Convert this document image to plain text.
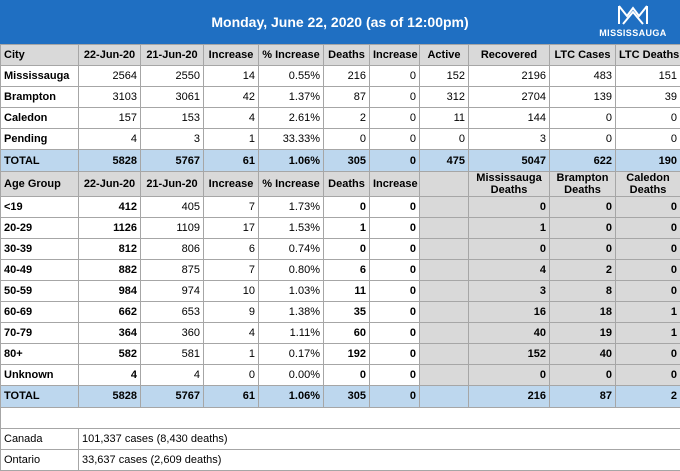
Monday, June 22, 2020 (as of 12:00pm)
MISSISSAUGA
City	22-Jun-20	21-Jun-20	Increase	% Increase	Deaths	Increase	Active	Recovered	LTC Cases	LTC Deaths
Mississauga	2564	2550	14	0.55%	216	0	152	2196	483	151
Brampton	3103	3061	42	1.37%	87	0	312	2704	139	39
Caledon	157	153	4	2.61%	2	0	11	144	0	0
Pending	4	3	1	33.33%	0	0	0	3	0	0
TOTAL	5828	5767	61	1.06%	305	0	475	5047	622	190
Age Group	22-Jun-20	21-Jun-20	Increase	% Increase	Deaths	Increase		Mississauga Deaths	Brampton Deaths	Caledon Deaths
<19	412	405	7	1.73%	0	0		0	0	0
20-29	1126	1109	17	1.53%	1	0		1	0	0
30-39	812	806	6	0.74%	0	0		0	0	0
40-49	882	875	7	0.80%	6	0		4	2	0
50-59	984	974	10	1.03%	11	0		3	8	0
60-69	662	653	9	1.38%	35	0		16	18	1
70-79	364	360	4	1.11%	60	0		40	19	1
80+	582	581	1	0.17%	192	0		152	40	0
Unknown	4	4	0	0.00%	0	0		0	0	0
TOTAL	5828	5767	61	1.06%	305	0		216	87	2

Canada	101,337 cases (8,430 deaths)									
Ontario	33,637 cases (2,609 deaths)									
